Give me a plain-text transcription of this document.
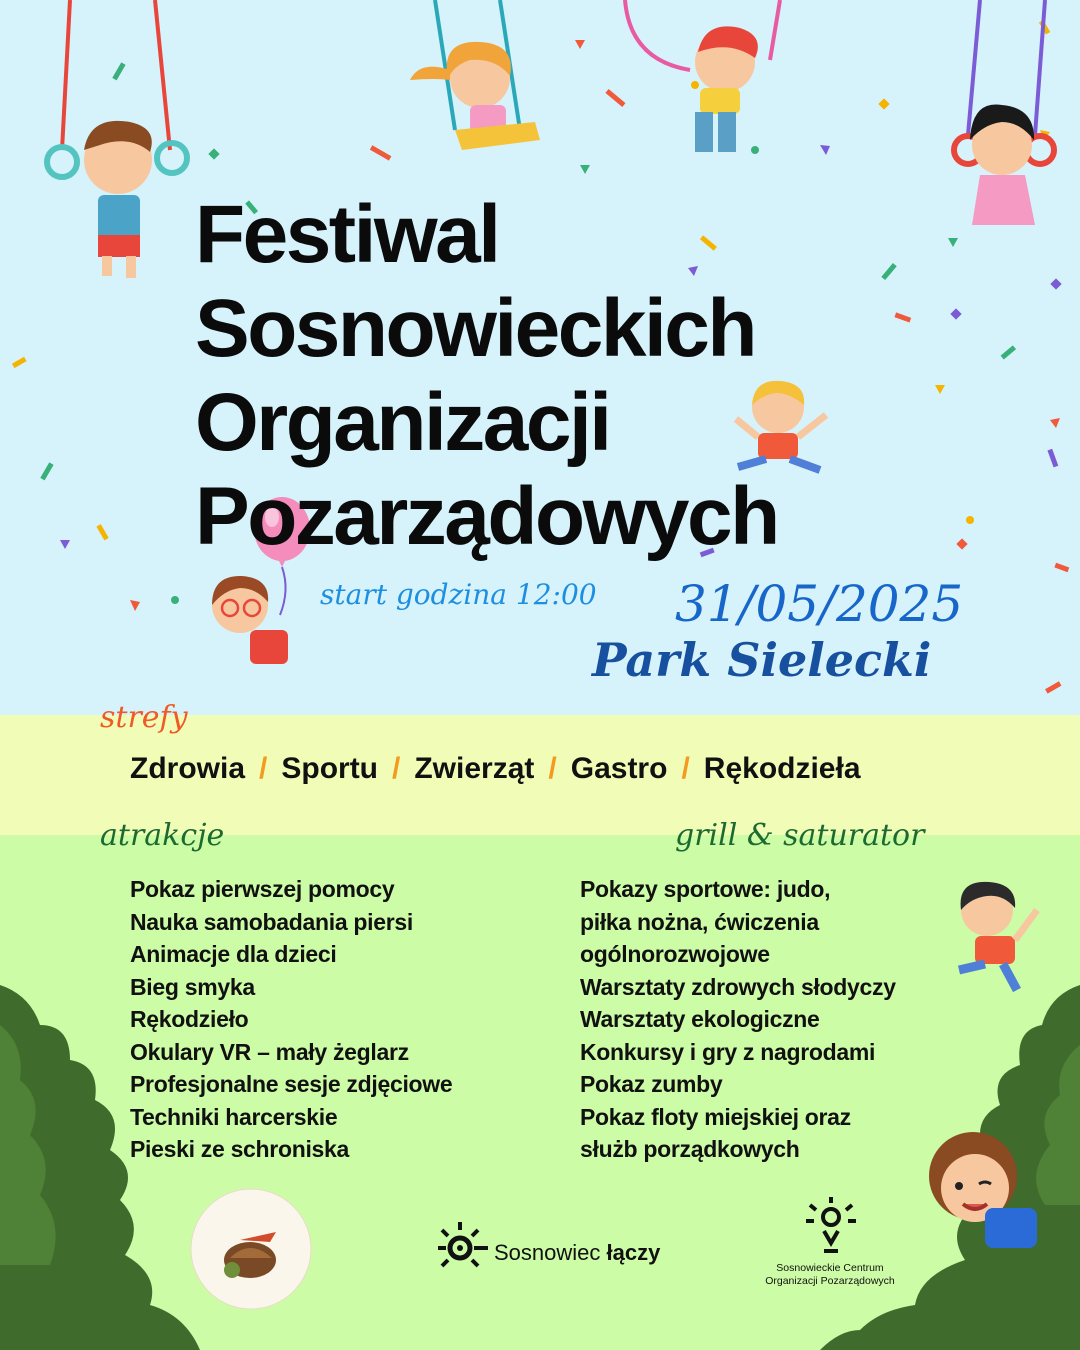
Festiwal
Sosnowieckich
Organizacji
Pozarządowych
start godzina 12:00 31/05/2025
Park Sielecki
strefy
Zdrowia / Sportu / Zwierząt / Gastro / Rękodzieła
atrakcje	grill & saturator
Pokaz pierwszej pomocy
Nauka samobadania piersi
Animacje dla dzieci
Bieg smyka
Rękodzieło
Okulary VR – mały żeglarz
Profesjonalne sesje zdjęciowe
Techniki harcerskie
Pieski ze schroniska
Pokazy sportowe: judo,
piłka nożna, ćwiczenia
ogólnorozwojowe
Warsztaty zdrowych słodyczy
Warsztaty ekologiczne
Konkursy i gry z nagrodami
Pokaz zumby
Pokaz floty miejskiej oraz
służb porządkowych
Sosnowiec łączy
Sosnowieckie Centrum
Organizacji Pozarządowych
